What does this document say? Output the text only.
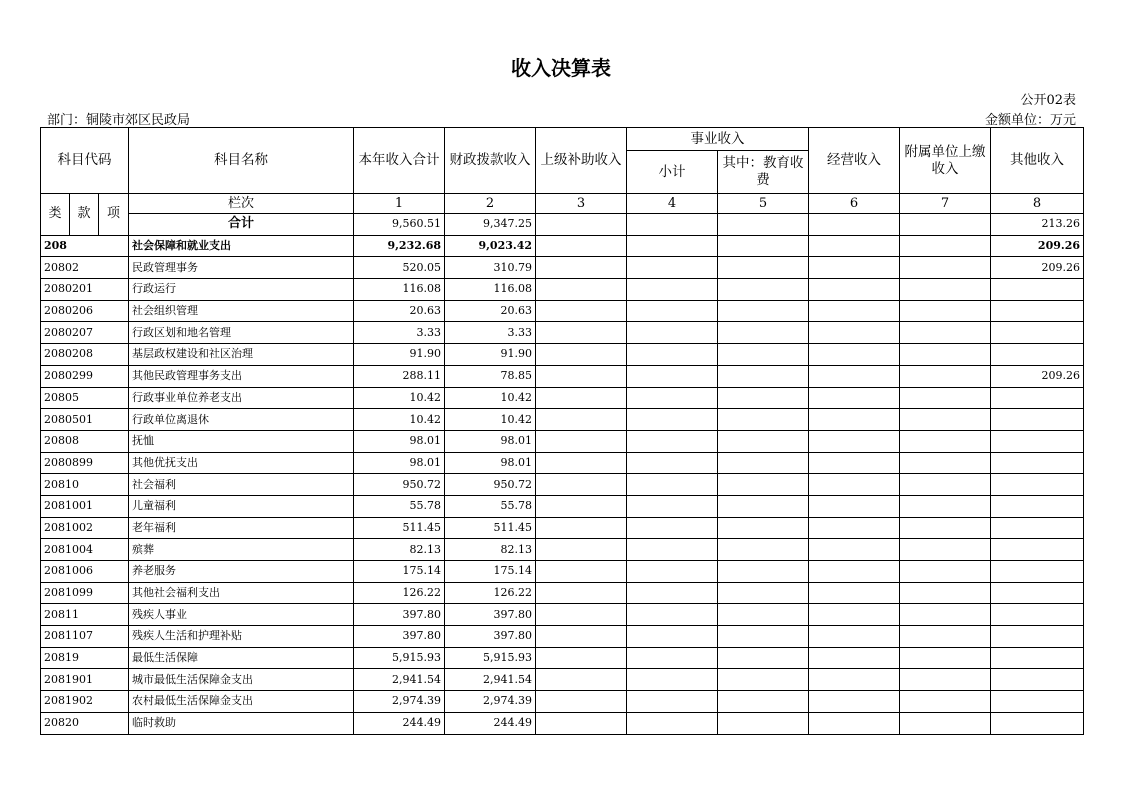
收入决算表
公开02表
部门：铜陵市郊区民政局	金额单位：万元
科目代码			科目名称	本年收入合计	财政拨款收入	上级补助收入	事业收入		经营收入	附属单位上缴收入	其他收入
							小计	其中：教育收费			
类	款	项	栏次	1	2	3	4	5	6	7	8
			合计	9,560.51	9,347.25						213.26
208			社会保障和就业支出	9,232.68	9,023.42						209.26
20802			民政管理事务	520.05	310.79						209.26
2080201			行政运行	116.08	116.08						
2080206			社会组织管理	20.63	20.63						
2080207			行政区划和地名管理	3.33	3.33						
2080208			基层政权建设和社区治理	91.90	91.90						
2080299			其他民政管理事务支出	288.11	78.85						209.26
20805			行政事业单位养老支出	10.42	10.42						
2080501			行政单位离退休	10.42	10.42						
20808			抚恤	98.01	98.01						
2080899			其他优抚支出	98.01	98.01						
20810			社会福利	950.72	950.72						
2081001			儿童福利	55.78	55.78						
2081002			老年福利	511.45	511.45						
2081004			殡葬	82.13	82.13						
2081006			养老服务	175.14	175.14						
2081099			其他社会福利支出	126.22	126.22						
20811			残疾人事业	397.80	397.80						
2081107			残疾人生活和护理补贴	397.80	397.80						
20819			最低生活保障	5,915.93	5,915.93						
2081901			城市最低生活保障金支出	2,941.54	2,941.54						
2081902			农村最低生活保障金支出	2,974.39	2,974.39						
20820			临时救助	244.49	244.49						
